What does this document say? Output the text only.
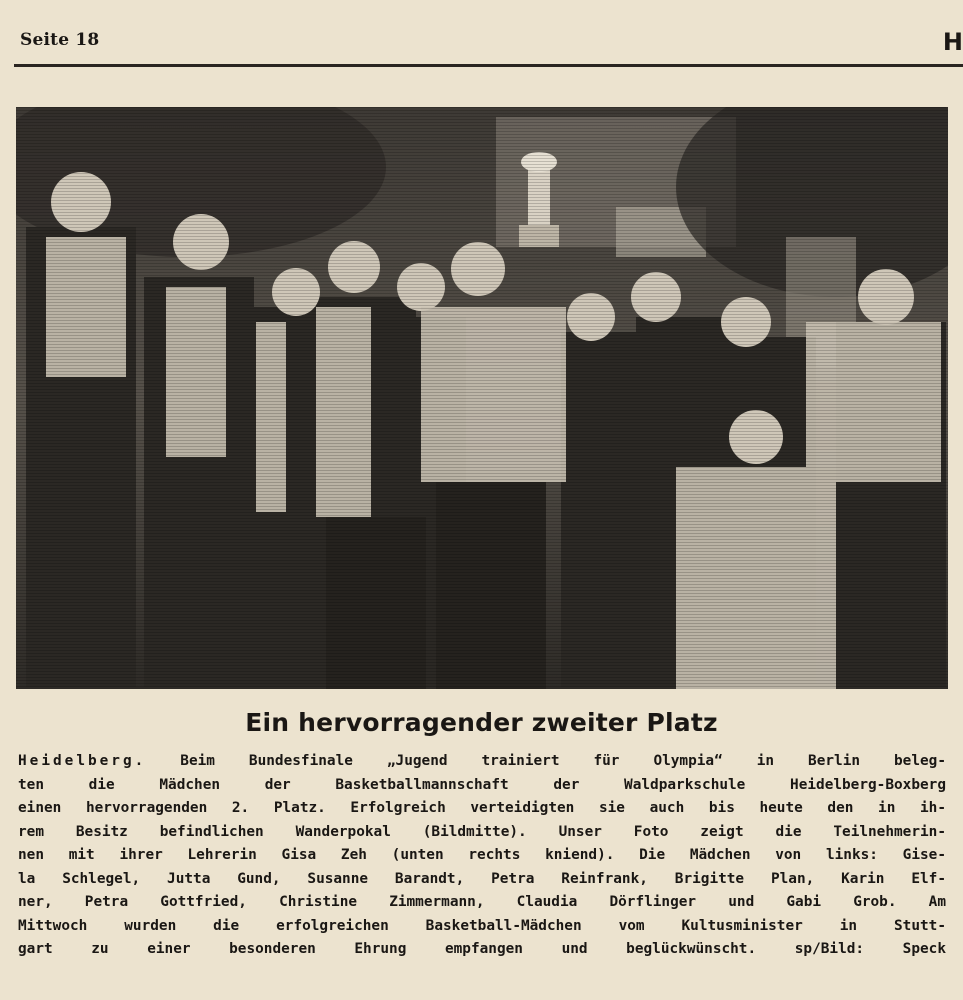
Seite 18	H
Ein hervorragender zweiter Platz
Heidelberg. Beim Bundesfinale „Jugend trainiert für Olympia“ in Berlin beleg-
ten die Mädchen der Basketballmannschaft der Waldparkschule Heidelberg-Boxberg
einen hervorragenden 2. Platz. Erfolgreich verteidigten sie auch bis heute den in ih-
rem Besitz befindlichen Wanderpokal (Bildmitte). Unser Foto zeigt die Teilnehmerin-
nen mit ihrer Lehrerin Gisa Zeh (unten rechts kniend). Die Mädchen von links: Gise-
la Schlegel, Jutta Gund, Susanne Barandt, Petra Reinfrank, Brigitte Plan, Karin Elf-
ner, Petra Gottfried, Christine Zimmermann, Claudia Dörflinger und Gabi Grob. Am
Mittwoch wurden die erfolgreichen Basketball-Mädchen vom Kultusminister in Stutt-
gart zu einer besonderen Ehrung empfangen und beglückwünscht. sp/Bild: Speck
